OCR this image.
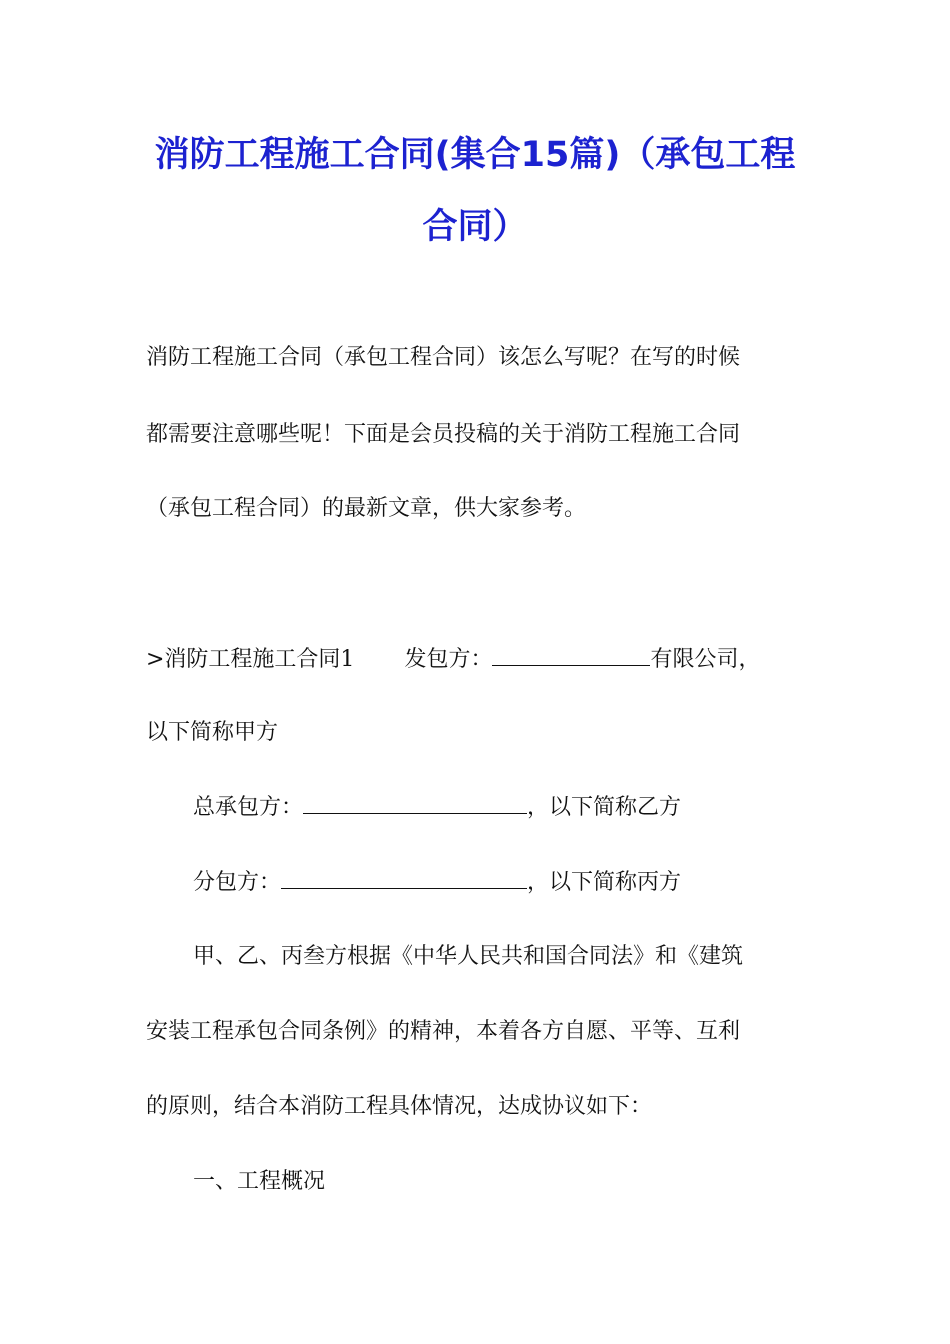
消防工程施工合同(集合15篇)（承包工程
合同）

消防工程施工合同（承包工程合同）该怎么写呢？在写的时候

都需要注意哪些呢！下面是会员投稿的关于消防工程施工合同

（承包工程合同）的最新文章，供大家参考。

>消防工程施工合同1 发包方：	有限公司，

以下简称甲方

总承包方：	，以下简称乙方

分包方：	，以下简称丙方

甲、乙、丙叁方根据《中华人民共和国合同法》和《建筑

安装工程承包合同条例》的精神，本着各方自愿、平等、互利

的原则，结合本消防工程具体情况，达成协议如下：

一、工程概况
